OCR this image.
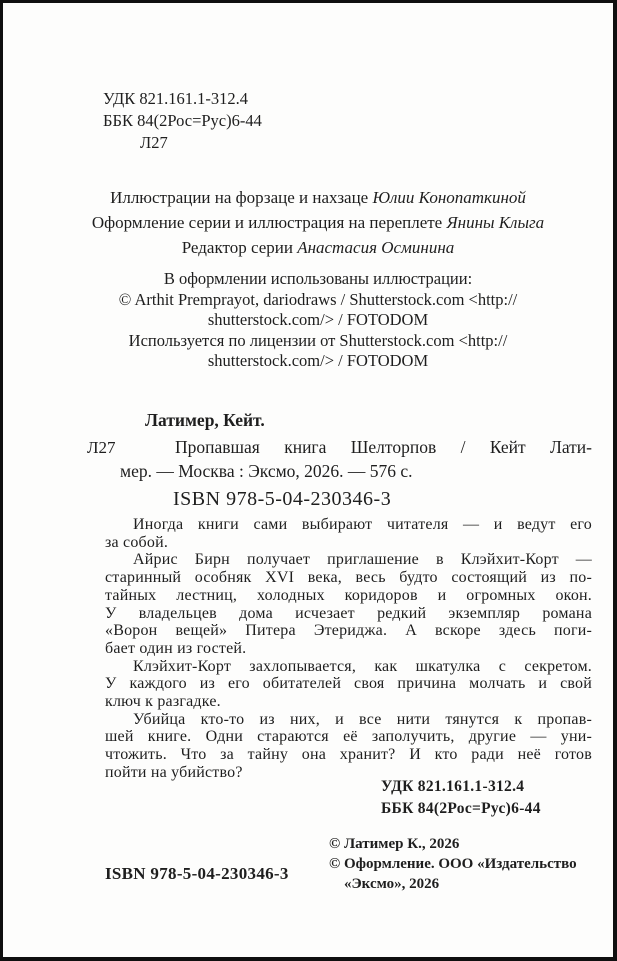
УДК 821.161.1-312.4
ББК 84(2Рос=Рус)6-44
Л27
Иллюстрации на форзаце и нахзаце Юлии Конопаткиной
Оформление серии и иллюстрация на переплете Янины Клыга
Редактор серии Анастасия Осминина
В оформлении использованы иллюстрации:
© Arthit Premprayot, dariodraws / Shutterstock.com <http://
shutterstock.com/> / FOTODOM
Используется по лицензии от Shutterstock.com <http://
shutterstock.com/> / FOTODOM
Латимер, Кейт.
Л27	Пропавшая книга Шелторпов / Кейт Лати-
мер. — Москва : Эксмо, 2026. — 576 с.
ISBN 978-5-04-230346-3
Иногда книги сами выбирают читателя — и ведут его
за собой.
Айрис Бирн получает приглашение в Клэйхит-Корт —
старинный особняк XVI века, весь будто состоящий из по-
тайных лестниц, холодных коридоров и огромных окон.
У владельцев дома исчезает редкий экземпляр романа
«Ворон вещей» Питера Этериджа. А вскоре здесь поги-
бает один из гостей.
Клэйхит-Корт захлопывается, как шкатулка с секретом.
У каждого из его обитателей своя причина молчать и свой
ключ к разгадке.
Убийца кто-то из них, и все нити тянутся к пропав-
шей книге. Одни стараются её заполучить, другие — уни-
чтожить. Что за тайну она хранит? И кто ради неё готов
пойти на убийство?
УДК 821.161.1-312.4
ББК 84(2Рос=Рус)6-44
ISBN 978-5-04-230346-3
© Латимер К., 2026
© Оформление. ООО «Издательство
«Эксмо», 2026
